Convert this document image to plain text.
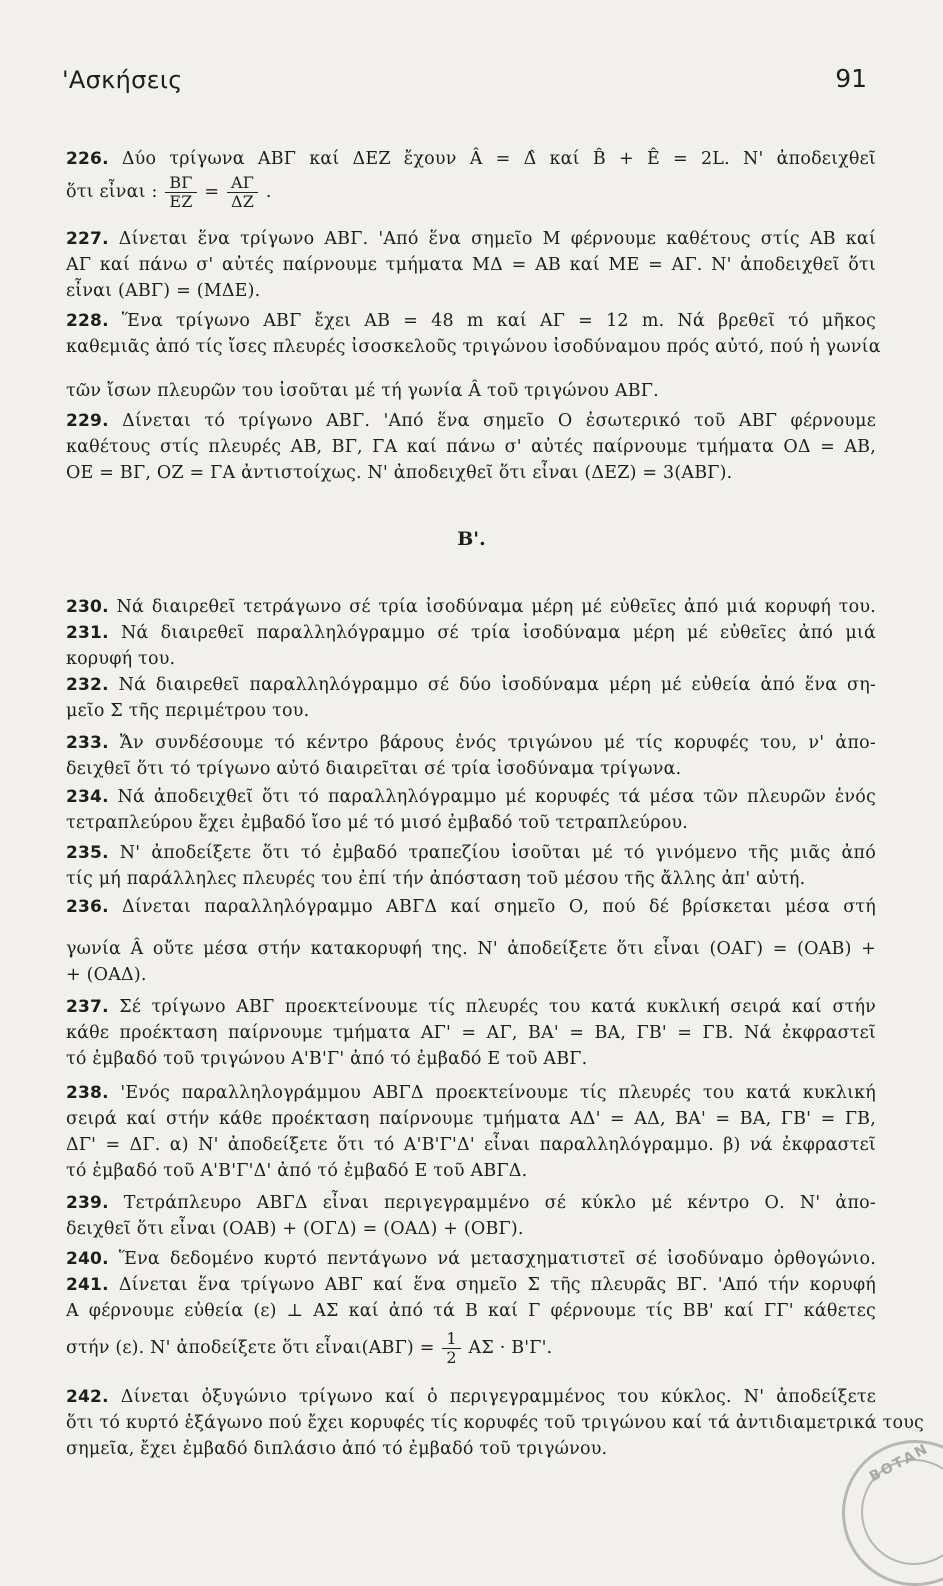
'Ασκήσεις	91
226. Δύο τρίγωνα ΑΒΓ καί ΔΕΖ ἔχουν Â = Δ̂ καί B̂ + Ê = 2L. Ν' ἀποδειχθεῖ
227. Δίνεται ἕνα τρίγωνο ΑΒΓ. 'Από ἕνα σημεῖο Μ φέρνουμε καθέτους στίς ΑΒ καί
ΑΓ καί πάνω σ' αὐτές παίρνουμε τμήματα ΜΔ = ΑΒ καί ΜΕ = ΑΓ. Ν' ἀποδειχθεῖ ὅτι
εἶναι (ΑΒΓ) = (ΜΔΕ).
228. Ἕνα τρίγωνο ΑΒΓ ἔχει ΑΒ = 48 m καί ΑΓ = 12 m. Νά βρεθεῖ τό μῆκος
καθεμιᾶς ἀπό τίς ἴσες πλευρές ἰσοσκελοῦς τριγώνου ἰσοδύναμου πρός αὐτό, πού ἡ γωνία
τῶν ἴσων πλευρῶν του ἰσοῦται μέ τή γωνία Â τοῦ τριγώνου ΑΒΓ.
229. Δίνεται τό τρίγωνο ΑΒΓ. 'Από ἕνα σημεῖο Ο ἐσωτερικό τοῦ ΑΒΓ φέρνουμε
καθέτους στίς πλευρές ΑΒ, ΒΓ, ΓΑ καί πάνω σ' αὐτές παίρνουμε τμήματα ΟΔ = ΑΒ,
ΟΕ = ΒΓ, ΟΖ = ΓΑ ἀντιστοίχως. Ν' ἀποδειχθεῖ ὅτι εἶναι (ΔΕΖ) = 3(ΑΒΓ).
230. Νά διαιρεθεῖ τετράγωνο σέ τρία ἰσοδύναμα μέρη μέ εὐθεῖες ἀπό μιά κορυφή του.
231. Νά διαιρεθεῖ παραλληλόγραμμο σέ τρία ἰσοδύναμα μέρη μέ εὐθεῖες ἀπό μιά
κορυφή του.
232. Νά διαιρεθεῖ παραλληλόγραμμο σέ δύο ἰσοδύναμα μέρη μέ εὐθεία ἀπό ἕνα ση-
μεῖο Σ τῆς περιμέτρου του.
233. Ἄν συνδέσουμε τό κέντρο βάρους ἑνός τριγώνου μέ τίς κορυφές του, ν' ἀπο-
δειχθεῖ ὅτι τό τρίγωνο αὐτό διαιρεῖται σέ τρία ἰσοδύναμα τρίγωνα.
234. Νά ἀποδειχθεῖ ὅτι τό παραλληλόγραμμο μέ κορυφές τά μέσα τῶν πλευρῶν ἑνός
τετραπλεύρου ἔχει ἐμβαδό ἴσο μέ τό μισό ἐμβαδό τοῦ τετραπλεύρου.
235. Ν' ἀποδείξετε ὅτι τό ἐμβαδό τραπεζίου ἰσοῦται μέ τό γινόμενο τῆς μιᾶς ἀπό
τίς μή παράλληλες πλευρές του ἐπί τήν ἀπόσταση τοῦ μέσου τῆς ἄλλης ἀπ' αὐτή.
236. Δίνεται παραλληλόγραμμο ΑΒΓΔ καί σημεῖο Ο, πού δέ βρίσκεται μέσα στή
γωνία Â οὔτε μέσα στήν κατακορυφή της. Ν' ἀποδείξετε ὅτι εἶναι (ΟΑΓ) = (ΟΑΒ) +
+ (ΟΑΔ).
237. Σέ τρίγωνο ΑΒΓ προεκτείνουμε τίς πλευρές του κατά κυκλική σειρά καί στήν
κάθε προέκταση παίρνουμε τμήματα ΑΓ' = ΑΓ, ΒΑ' = ΒΑ, ΓΒ' = ΓΒ. Νά ἐκφραστεῖ
τό ἐμβαδό τοῦ τριγώνου Α'Β'Γ' ἀπό τό ἐμβαδό Ε τοῦ ΑΒΓ.
238. 'Ενός παραλληλογράμμου ΑΒΓΔ προεκτείνουμε τίς πλευρές του κατά κυκλική
σειρά καί στήν κάθε προέκταση παίρνουμε τμήματα ΑΔ' = ΑΔ, ΒΑ' = ΒΑ, ΓΒ' = ΓΒ,
ΔΓ' = ΔΓ. α) Ν' ἀποδείξετε ὅτι τό Α'Β'Γ'Δ' εἶναι παραλληλόγραμμο. β) νά ἐκφραστεῖ
τό ἐμβαδό τοῦ Α'Β'Γ'Δ' ἀπό τό ἐμβαδό Ε τοῦ ΑΒΓΔ.
239. Τετράπλευρο ΑΒΓΔ εἶναι περιγεγραμμένο σέ κύκλο μέ κέντρο Ο. Ν' ἀπο-
δειχθεῖ ὅτι εἶναι (ΟΑΒ) + (ΟΓΔ) = (ΟΑΔ) + (ΟΒΓ).
240. Ἕνα δεδομένο κυρτό πεντάγωνο νά μετασχηματιστεῖ σέ ἰσοδύναμο ὀρθογώνιο.
241. Δίνεται ἕνα τρίγωνο ΑΒΓ καί ἕνα σημεῖο Σ τῆς πλευρᾶς ΒΓ. 'Από τήν κορυφή
Α φέρνουμε εὐθεία (ε) ⊥ ΑΣ καί ἀπό τά Β καί Γ φέρνουμε τίς ΒΒ' καί ΓΓ' κάθετες
242. Δίνεται ὀξυγώνιο τρίγωνο καί ὁ περιγεγραμμένος του κύκλος. Ν' ἀποδείξετε
ὅτι τό κυρτό ἑξάγωνο πού ἔχει κορυφές τίς κορυφές τοῦ τριγώνου καί τά ἀντιδιαμετρικά τους
σημεῖα, ἔχει ἐμβαδό διπλάσιο ἀπό τό ἐμβαδό τοῦ τριγώνου.
ὅτι εἶναι : $\frac{B\Gamma}{EZ} = \frac{A\Gamma}{\Delta Z}$ .
Β'.
στήν (ε). Ν' ἀποδείξετε ὅτι εἶναι(ΑΒΓ) = $\frac{1}{2}$ ΑΣ · Β'Γ'.
ΒΟΤΑΝ
